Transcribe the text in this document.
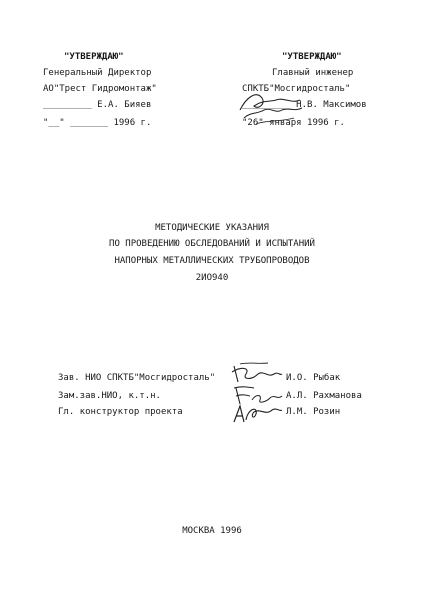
"УТВЕРЖДАЮ"
Генеральный Директор
АО"Трест Гидромонтаж"
_________ Е.А. Бияев
"__" _______ 1996 г.
"УТВЕРЖДАЮ"
Главный инженер
СПКТБ"Мосгидросталь"
_________ Н.В. Максимов
"26" января 1996 г.
МЕТОДИЧЕСКИЕ УКАЗАНИЯ
ПО ПРОВЕДЕНИЮ ОБСЛЕДОВАНИЙ И ИСПЫТАНИЙ
НАПОРНЫХ МЕТАЛЛИЧЕСКИХ ТРУБОПРОВОДОВ
2ИО940
Зав. НИО СПКТБ"Мосгидросталь"	И.О. Рыбак
Зам.зав.НИО, к.т.н.	А.Л. Рахманова
Гл. конструктор проекта	Л.М. Розин
МОСКВА 1996
